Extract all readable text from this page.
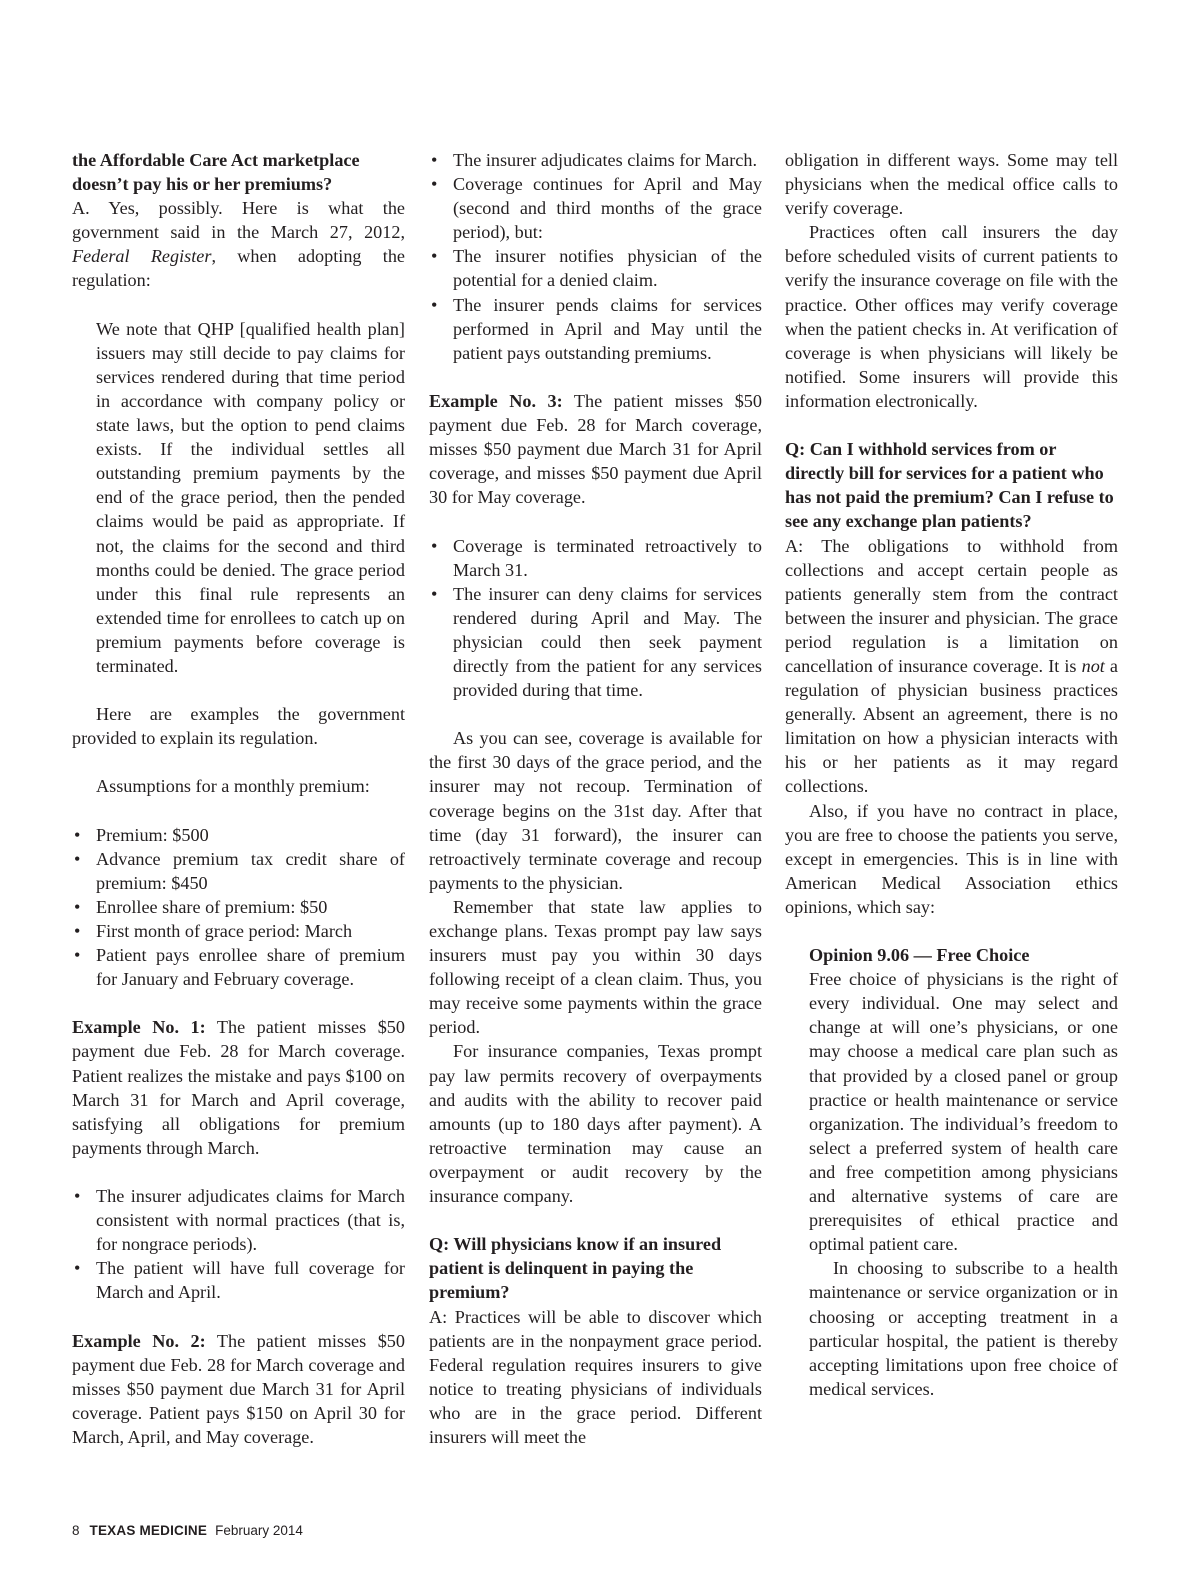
the Affordable Care Act marketplace doesn’t pay his or her premiums?

A. Yes, possibly. Here is what the government said in the March 27, 2012, Federal Register, when adopting the regulation:

We note that QHP [qualified health plan] issuers may still decide to pay claims for services rendered during that time period in accordance with company policy or state laws, but the option to pend claims exists. If the individual settles all outstanding premium payments by the end of the grace period, then the pended claims would be paid as appropriate. If not, the claims for the second and third months could be denied. The grace period under this final rule represents an extended time for enrollees to catch up on premium payments before coverage is terminated.

Here are examples the government provided to explain its regulation.

Assumptions for a monthly premium:

• Premium: $500
• Advance premium tax credit share of premium: $450
• Enrollee share of premium: $50
• First month of grace period: March
• Patient pays enrollee share of premium for January and February coverage.

Example No. 1: The patient misses $50 payment due Feb. 28 for March coverage. Patient realizes the mistake and pays $100 on March 31 for March and April coverage, satisfying all obligations for premium payments through March.

• The insurer adjudicates claims for March consistent with normal practices (that is, for nongrace periods).
• The patient will have full coverage for March and April.

Example No. 2: The patient misses $50 payment due Feb. 28 for March coverage and misses $50 payment due March 31 for April coverage. Patient pays $150 on April 30 for March, April, and May coverage.

• The insurer adjudicates claims for March.
• Coverage continues for April and May (second and third months of the grace period), but:
• The insurer notifies physician of the potential for a denied claim.
• The insurer pends claims for services performed in April and May until the patient pays outstanding premiums.

Example No. 3: The patient misses $50 payment due Feb. 28 for March coverage, misses $50 payment due March 31 for April coverage, and misses $50 payment due April 30 for May coverage.

• Coverage is terminated retroactively to March 31.
• The insurer can deny claims for services rendered during April and May. The physician could then seek payment directly from the patient for any services provided during that time.

As you can see, coverage is available for the first 30 days of the grace period, and the insurer may not recoup. Termination of coverage begins on the 31st day. After that time (day 31 forward), the insurer can retroactively terminate coverage and recoup payments to the physician.

Remember that state law applies to exchange plans. Texas prompt pay law says insurers must pay you within 30 days following receipt of a clean claim. Thus, you may receive some payments within the grace period.

For insurance companies, Texas prompt pay law permits recovery of overpayments and audits with the ability to recover paid amounts (up to 180 days after payment). A retroactive termination may cause an overpayment or audit recovery by the insurance company.

Q: Will physicians know if an insured patient is delinquent in paying the premium?

A: Practices will be able to discover which patients are in the nonpayment grace period. Federal regulation requires insurers to give notice to treating physicians of individuals who are in the grace period. Different insurers will meet the

obligation in different ways. Some may tell physicians when the medical office calls to verify coverage.

Practices often call insurers the day before scheduled visits of current patients to verify the insurance coverage on file with the practice. Other offices may verify coverage when the patient checks in. At verification of coverage is when physicians will likely be notified. Some insurers will provide this information electronically.

Q: Can I withhold services from or directly bill for services for a patient who has not paid the premium? Can I refuse to see any exchange plan patients?

A: The obligations to withhold from collections and accept certain people as patients generally stem from the contract between the insurer and physician. The grace period regulation is a limitation on cancellation of insurance coverage. It is not a regulation of physician business practices generally. Absent an agreement, there is no limitation on how a physician interacts with his or her patients as it may regard collections.

Also, if you have no contract in place, you are free to choose the patients you serve, except in emergencies. This is in line with American Medical Association ethics opinions, which say:

Opinion 9.06 — Free Choice

Free choice of physicians is the right of every individual. One may select and change at will one’s physicians, or one may choose a medical care plan such as that provided by a closed panel or group practice or health maintenance or service organization. The individual’s freedom to select a preferred system of health care and free competition among physicians and alternative systems of care are prerequisites of ethical practice and optimal patient care.

In choosing to subscribe to a health maintenance or service organization or in choosing or accepting treatment in a particular hospital, the patient is thereby accepting limitations upon free choice of medical services.

8 TEXAS MEDICINE February 2014
